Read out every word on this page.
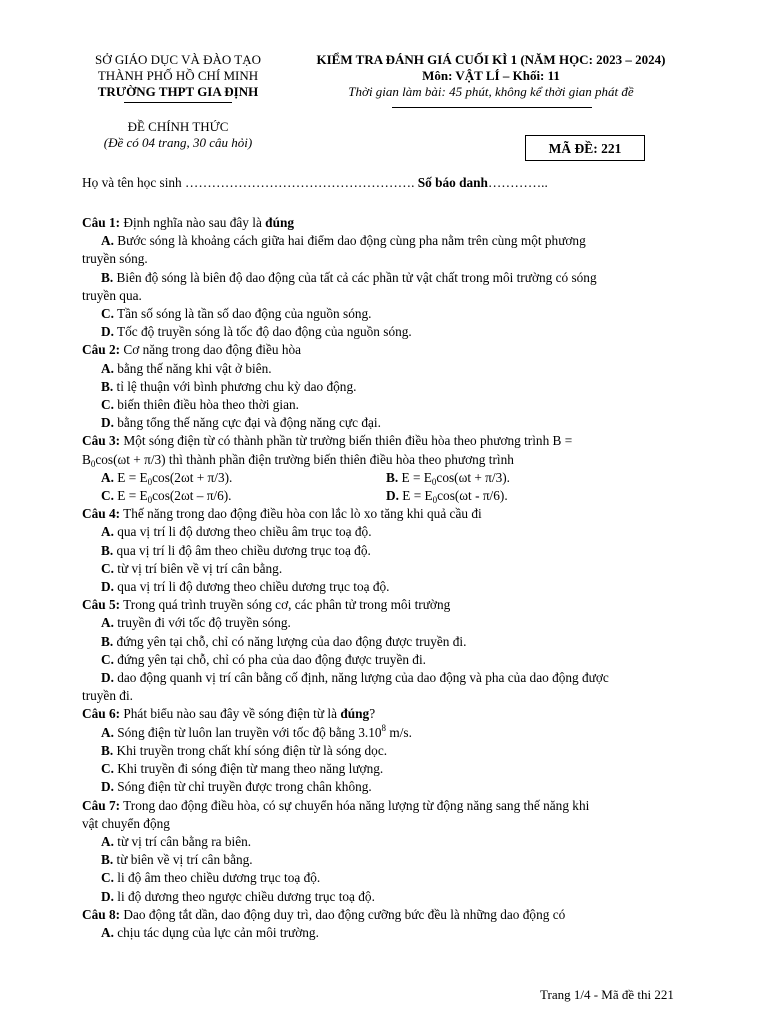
SỞ GIÁO DỤC VÀ ĐÀO TẠO
THÀNH PHỐ HỒ CHÍ MINH
TRƯỜNG THPT GIA ĐỊNH
KIỂM TRA ĐÁNH GIÁ CUỐI KÌ 1 (NĂM HỌC: 2023 – 2024)
Môn: VẬT LÍ – Khối: 11
Thời gian làm bài: 45 phút, không kể thời gian phát đề
ĐỀ CHÍNH THỨC
(Đề có 04 trang, 30 câu hỏi)	MÃ ĐỀ: 221
Họ và tên học sinh ……………………………………………. Số báo danh…………..

Câu 1: Định nghĩa nào sau đây là đúng

A. Bước sóng là khoảng cách giữa hai điểm dao động cùng pha nằm trên cùng một phương

truyền sóng.

B. Biên độ sóng là biên độ dao động của tất cả các phần tử vật chất trong môi trường có sóng

truyền qua.

C. Tần số sóng là tần số dao động của nguồn sóng.

D. Tốc độ truyền sóng là tốc độ dao động của nguồn sóng.

Câu 2: Cơ năng trong dao động điều hòa

A. bằng thế năng khi vật ở biên.

B. tỉ lệ thuận với bình phương chu kỳ dao động.

C. biến thiên điều hòa theo thời gian.

D. bằng tổng thế năng cực đại và động năng cực đại.

Câu 3: Một sóng điện từ có thành phần từ trường biến thiên điều hòa theo phương trình B =

$B_0\cos(\omega t + \pi/3)$ thì thành phần điện trường biến thiên điều hòa theo phương trình

A. $E = E_0\cos(2\omega t + \pi/3)$.	B. $E = E_0\cos(\omega t + \pi/3)$.
C. $E = E_0\cos(2\omega t - \pi/6)$.	D. $E = E_0\cos(\omega t - \pi/6)$.

Câu 4: Thế năng trong dao động điều hòa con lắc lò xo tăng khi quả cầu đi

A. qua vị trí li độ dương theo chiều âm trục toạ độ.

B. qua vị trí li độ âm theo chiều dương trục toạ độ.

C. từ vị trí biên về vị trí cân bằng.

D. qua vị trí li độ dương theo chiều dương trục toạ độ.

Câu 5: Trong quá trình truyền sóng cơ, các phân tử trong môi trường

A. truyền đi với tốc độ truyền sóng.

B. đứng yên tại chỗ, chỉ có năng lượng của dao động được truyền đi.

C. đứng yên tại chỗ, chỉ có pha của dao động được truyền đi.

D. dao động quanh vị trí cân bằng cố định, năng lượng của dao động và pha của dao động được

truyền đi.

Câu 6: Phát biểu nào sau đây về sóng điện từ là đúng?

A. Sóng điện từ luôn lan truyền với tốc độ bằng 3.10$^8$ m/s.

B. Khi truyền trong chất khí sóng điện từ là sóng dọc.

C. Khi truyền đi sóng điện từ mang theo năng lượng.

D. Sóng điện từ chỉ truyền được trong chân không.

Câu 7: Trong dao động điều hòa, có sự chuyển hóa năng lượng từ động năng sang thế năng khi

vật chuyển động

A. từ vị trí cân bằng ra biên.

B. từ biên về vị trí cân bằng.

C. li độ âm theo chiều dương trục toạ độ.

D. li độ dương theo ngược chiều dương trục toạ độ.

Câu 8: Dao động tắt dần, dao động duy trì, dao động cưỡng bức đều là những dao động có

A. chịu tác dụng của lực cản môi trường.

Trang 1/4 - Mã đề thi 221
